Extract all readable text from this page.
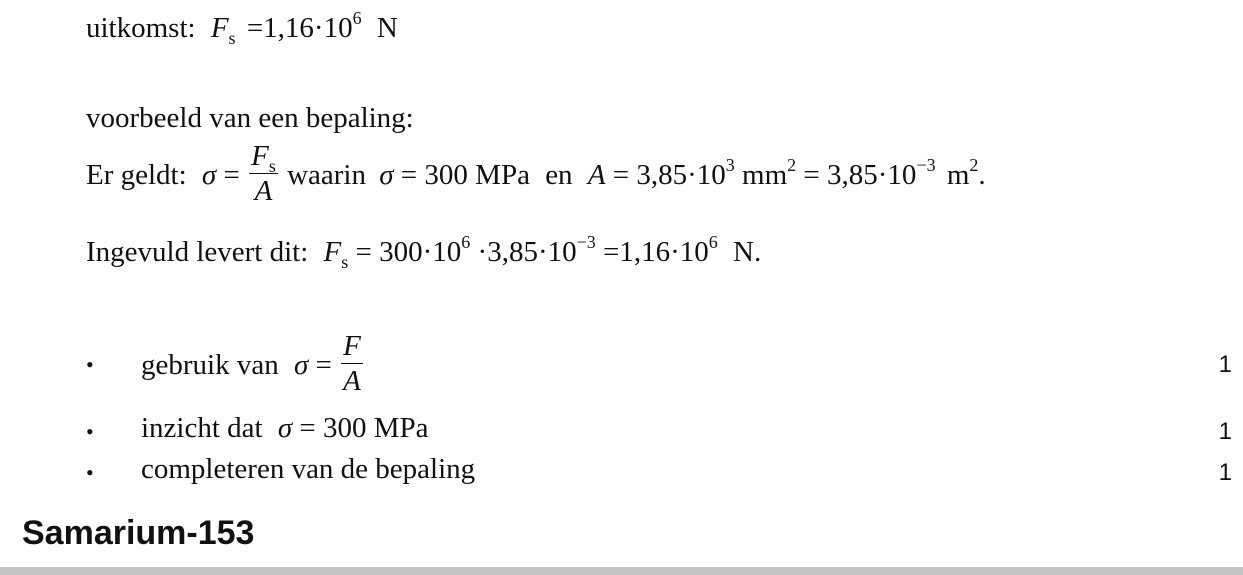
uitkomst: $F_s =1,16\cdot 10^6$ N
voorbeeld van een bepaling:
Er geldt: $\sigma = \frac{F_s}{A}$ waarin σ = 300 MPa en $A = 3,85\cdot 10^3$ $mm^2 = 3,85\cdot 10^{-3}$ $m^2$.
Ingevuld levert dit: $F_s = 300\cdot 10^6 \cdot 3,85\cdot 10^{-3} =1,16\cdot 10^6$ N.
• gebruik van $\sigma = \frac{F}{A}$	1
• inzicht dat σ = 300 MPa	1
• completeren van de bepaling	1
Samarium-153
